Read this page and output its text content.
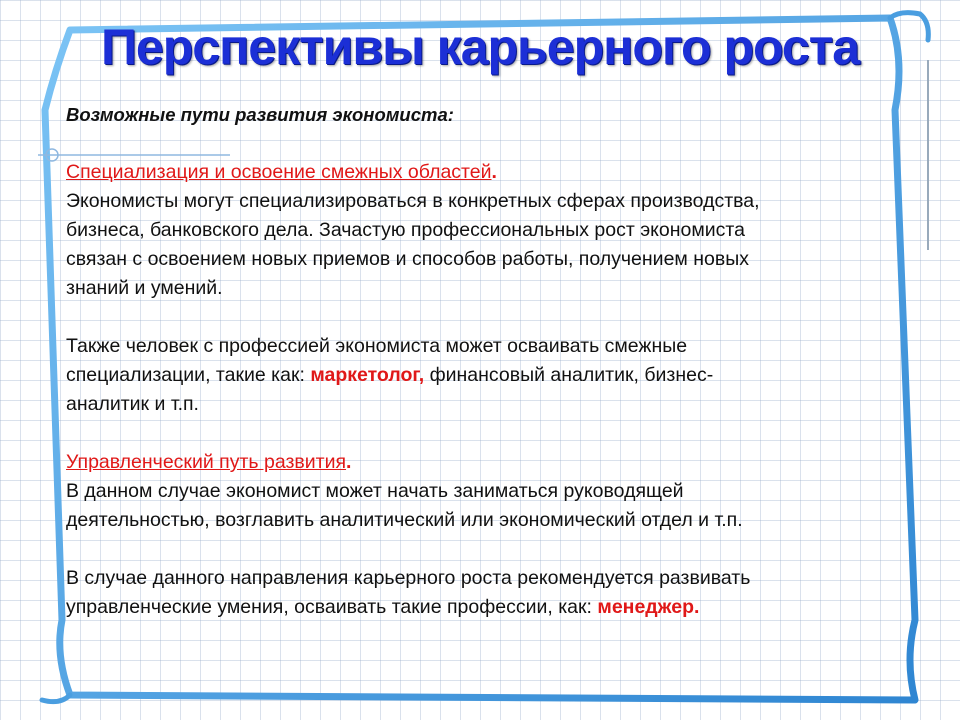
Перспективы карьерного роста

Возможные пути развития экономиста:

Специализация и освоение смежных областей.

Экономисты могут специализироваться в конкретных сферах производства,

бизнеса, банковского дела. Зачастую профессиональных рост экономиста

связан с освоением новых приемов и способов работы, получением новых

знаний и умений.

Также человек с профессией экономиста может осваивать смежные

специализации, такие как: маркетолог, финансовый аналитик, бизнес-

аналитик и т.п.

Управленческий путь развития.

В данном случае экономист может начать заниматься руководящей

деятельностью, возглавить аналитический или экономический отдел и т.п.

В случае данного направления карьерного роста рекомендуется развивать

управленческие умения, осваивать такие профессии, как: менеджер.
